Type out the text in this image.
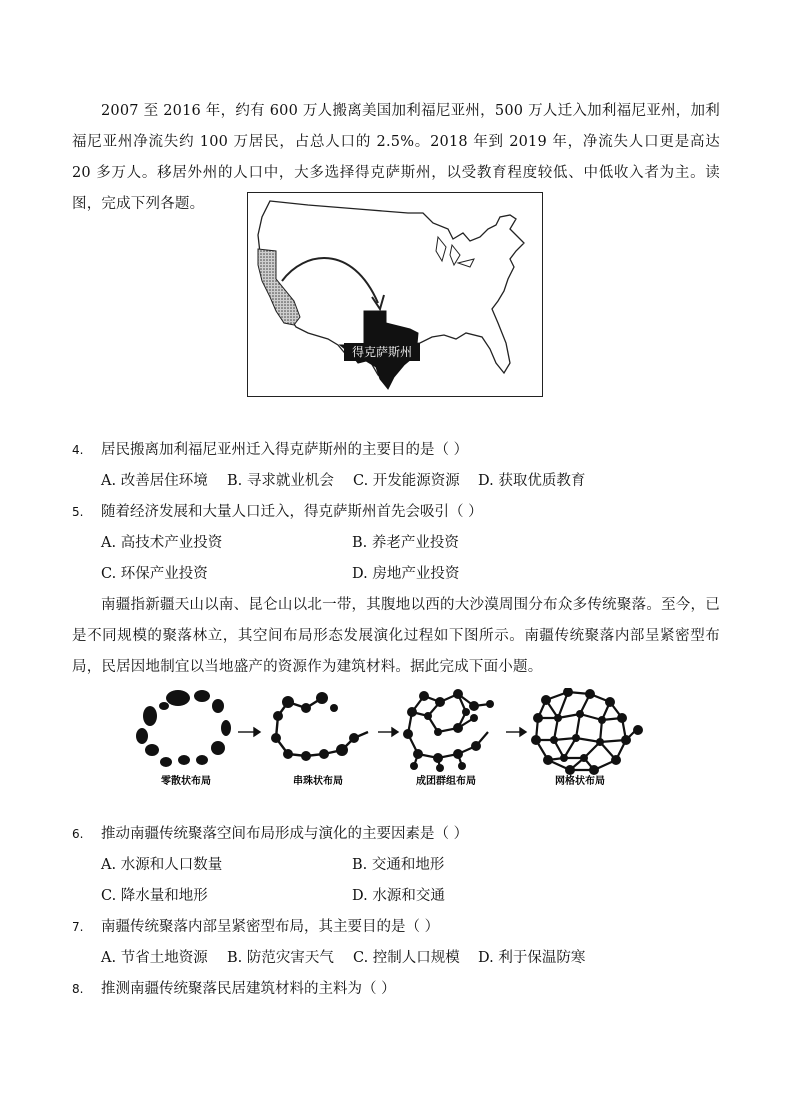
2007 至 2016 年，约有 600 万人搬离美国加利福尼亚州，500 万人迁入加利福尼亚州，加利福尼亚州净流失约 100 万居民，占总人口的 2.5%。2018 年到 2019 年，净流失人口更是高达 20 多万人。移居外州的人口中，大多选择得克萨斯州，以受教育程度较低、中低收入者为主。读图，完成下列各题。
得克萨斯州
4. 居民搬离加利福尼亚州迁入得克萨斯州的主要目的是（ ）
A. 改善居住环境 B. 寻求就业机会 C. 开发能源资源 D. 获取优质教育
5. 随着经济发展和大量人口迁入，得克萨斯州首先会吸引（ ）
A. 高技术产业投资	B. 养老产业投资
C. 环保产业投资	D. 房地产业投资
南疆指新疆天山以南、昆仑山以北一带，其腹地以西的大沙漠周围分布众多传统聚落。至今，已是不同规模的聚落林立，其空间布局形态发展演化过程如下图所示。南疆传统聚落内部呈紧密型布局，民居因地制宜以当地盛产的资源作为建筑材料。据此完成下面小题。
零散状布局	串珠状布局	成团群组布局	网格状布局
6. 推动南疆传统聚落空间布局形成与演化的主要因素是（ ）
A. 水源和人口数量	B. 交通和地形
C. 降水量和地形	D. 水源和交通
7. 南疆传统聚落内部呈紧密型布局，其主要目的是（ ）
A. 节省土地资源 B. 防范灾害天气 C. 控制人口规模 D. 利于保温防寒
8. 推测南疆传统聚落民居建筑材料的主料为（ ）
